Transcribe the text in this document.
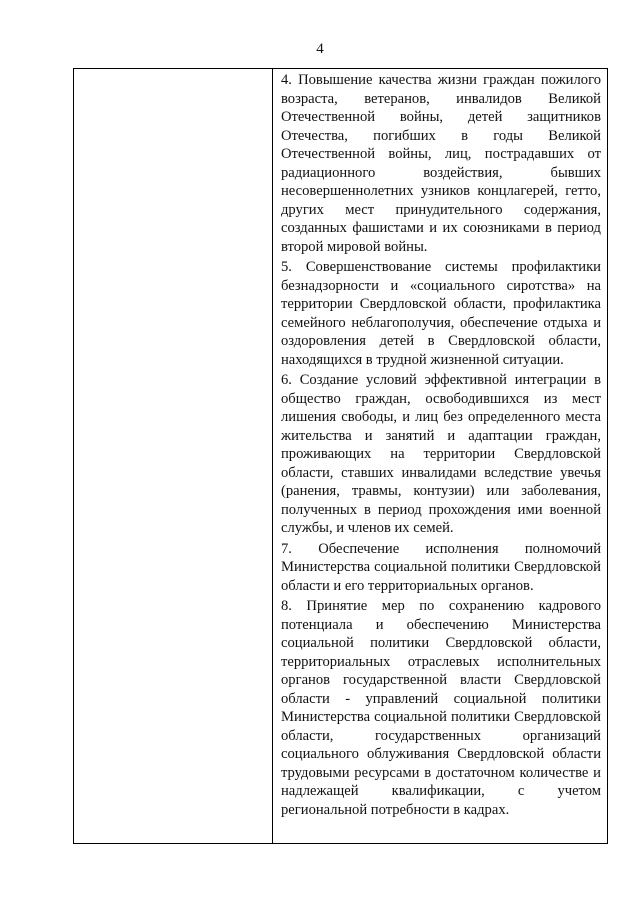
4

4. Повышение качества жизни граждан пожилого возраста, ветеранов, инвалидов Великой Отечественной войны, детей защитников Отечества, погибших в годы Великой Отечественной войны, лиц, пострадавших от радиационного воздействия, бывших несовершеннолетних узников концлагерей, гетто, других мест принудительного содержания, созданных фашистами и их союзниками в период второй мировой войны.

5. Совершенствование системы профилактики безнадзорности и «социального сиротства» на территории Свердловской области, профилактика семейного неблагополучия, обеспечение отдыха и оздоровления детей в Свердловской области, находящихся в трудной жизненной ситуации.

6. Создание условий эффективной интеграции в общество граждан, освободившихся из мест лишения свободы, и лиц без определенного места жительства и занятий и адаптации граждан, проживающих на территории Свердловской области, ставших инвалидами вследствие увечья (ранения, травмы, контузии) или заболевания, полученных в период прохождения ими военной службы, и членов их семей.

7. Обеспечение исполнения полномочий Министерства социальной политики Свердловской области и его территориальных органов.

8. Принятие мер по сохранению кадрового потенциала и обеспечению Министерства социальной политики Свердловской области, территориальных отраслевых исполнительных органов государственной власти Свердловской области - управлений социальной политики Министерства социальной политики Свердловской области, государственных организаций социального облуживания Свердловской области трудовыми ресурсами в достаточном количестве и надлежащей квалификации, с учетом региональной потребности в кадрах.
